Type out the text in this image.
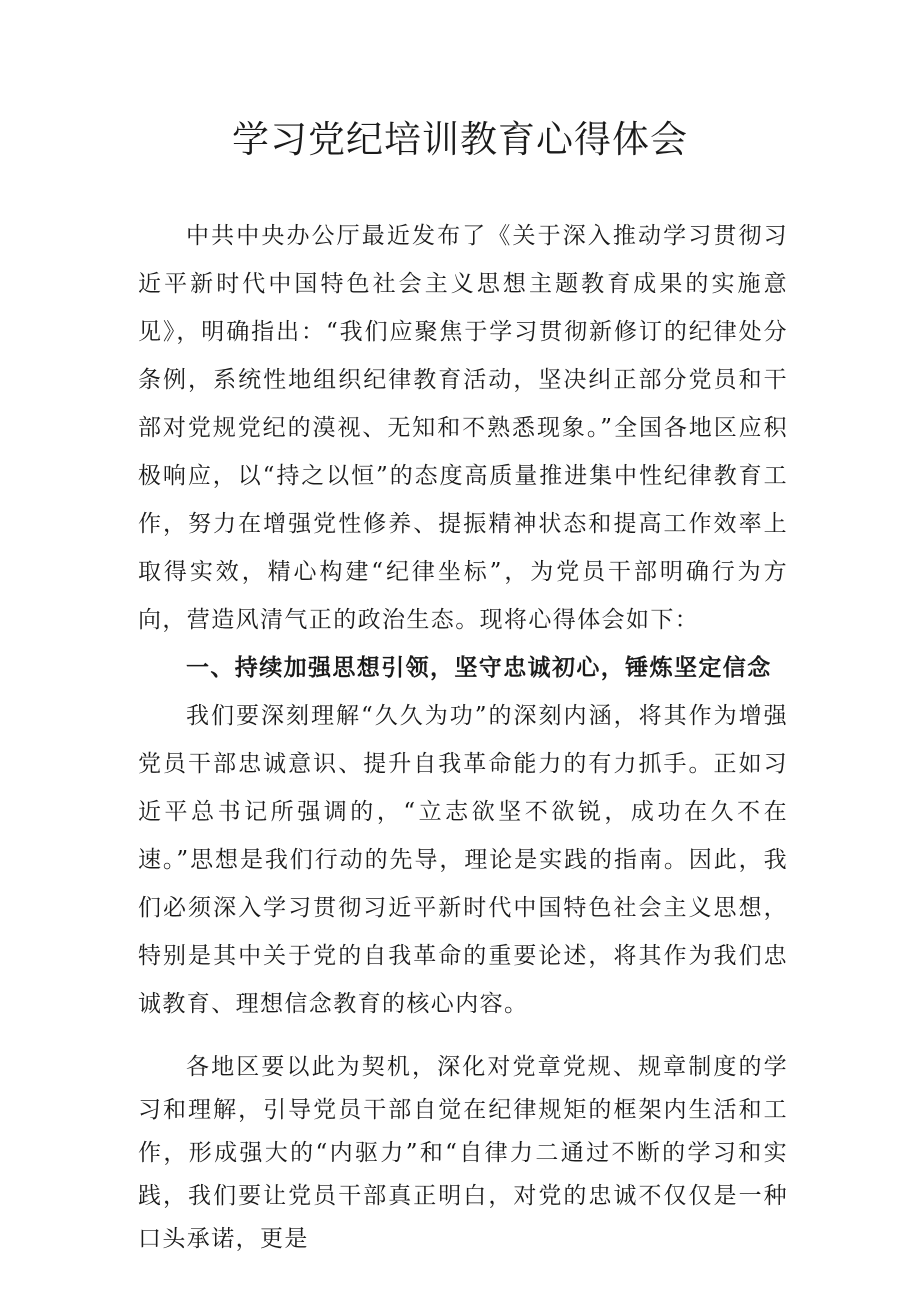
学习党纪培训教育心得体会

中共中央办公厅最近发布了《关于深入推动学习贯彻习近平新时代中国特色社会主义思想主题教育成果的实施意见》，明确指出：“我们应聚焦于学习贯彻新修订的纪律处分条例，系统性地组织纪律教育活动，坚决纠正部分党员和干部对党规党纪的漠视、无知和不熟悉现象。”全国各地区应积极响应，以“持之以恒”的态度高质量推进集中性纪律教育工作，努力在增强党性修养、提振精神状态和提高工作效率上取得实效，精心构建“纪律坐标”，为党员干部明确行为方向，营造风清气正的政治生态。现将心得体会如下：

一、持续加强思想引领，坚守忠诚初心，锤炼坚定信念

我们要深刻理解“久久为功”的深刻内涵，将其作为增强党员干部忠诚意识、提升自我革命能力的有力抓手。正如习近平总书记所强调的，“立志欲坚不欲锐，成功在久不在速。”思想是我们行动的先导，理论是实践的指南。因此，我们必须深入学习贯彻习近平新时代中国特色社会主义思想，特别是其中关于党的自我革命的重要论述，将其作为我们忠诚教育、理想信念教育的核心内容。

各地区要以此为契机，深化对党章党规、规章制度的学习和理解，引导党员干部自觉在纪律规矩的框架内生活和工作，形成强大的“内驱力”和“自律力二通过不断的学习和实践，我们要让党员干部真正明白，对党的忠诚不仅仅是一种口头承诺，更是
